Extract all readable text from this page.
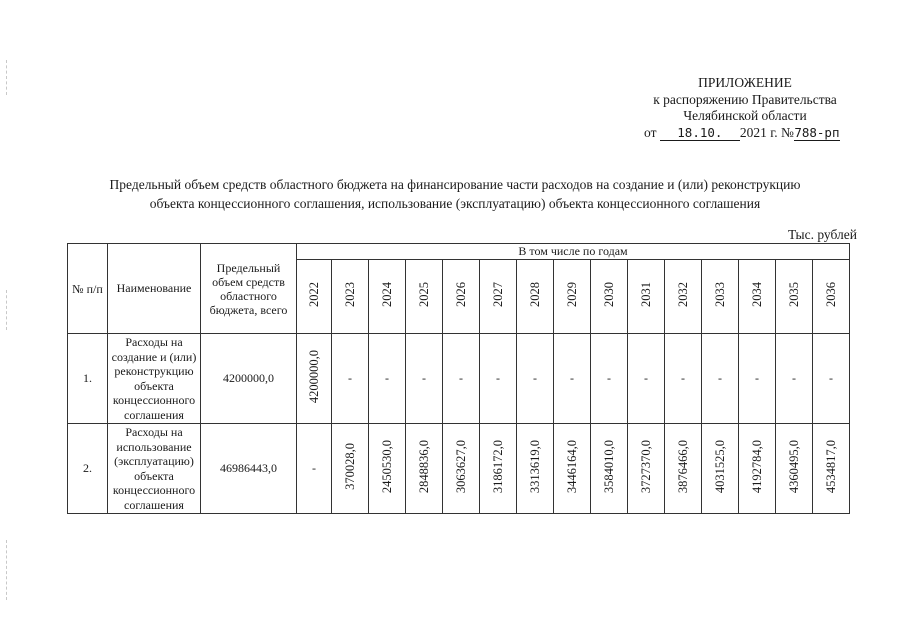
ПРИЛОЖЕНИЕ
к распоряжению Правительства
Челябинской области
от 18.10. 2021 г. №788-рп
Предельный объем средств областного бюджета на финансирование части расходов на создание и (или) реконструкцию
объекта концессионного соглашения, использование (эксплуатацию) объекта концессионного соглашения
Тыс. рублей
№ п/п	Наименование	Предельный объем средств областного бюджета, всего	В том числе по годам														
			2022	2023	2024	2025	2026	2027	2028	2029	2030	2031	2032	2033	2034	2035	2036
1.	Расходы на создание и (или) реконструкцию объекта концессионного соглашения	4200000,0	4200000,0	-	-	-	-	-	-	-	-	-	-	-	-	-	-
2.	Расходы на использование (эксплуатацию) объекта концессионного соглашения	46986443,0	-	370028,0	2450530,0	2848836,0	3063627,0	3186172,0	3313619,0	3446164,0	3584010,0	3727370,0	3876466,0	4031525,0	4192784,0	4360495,0	4534817,0
